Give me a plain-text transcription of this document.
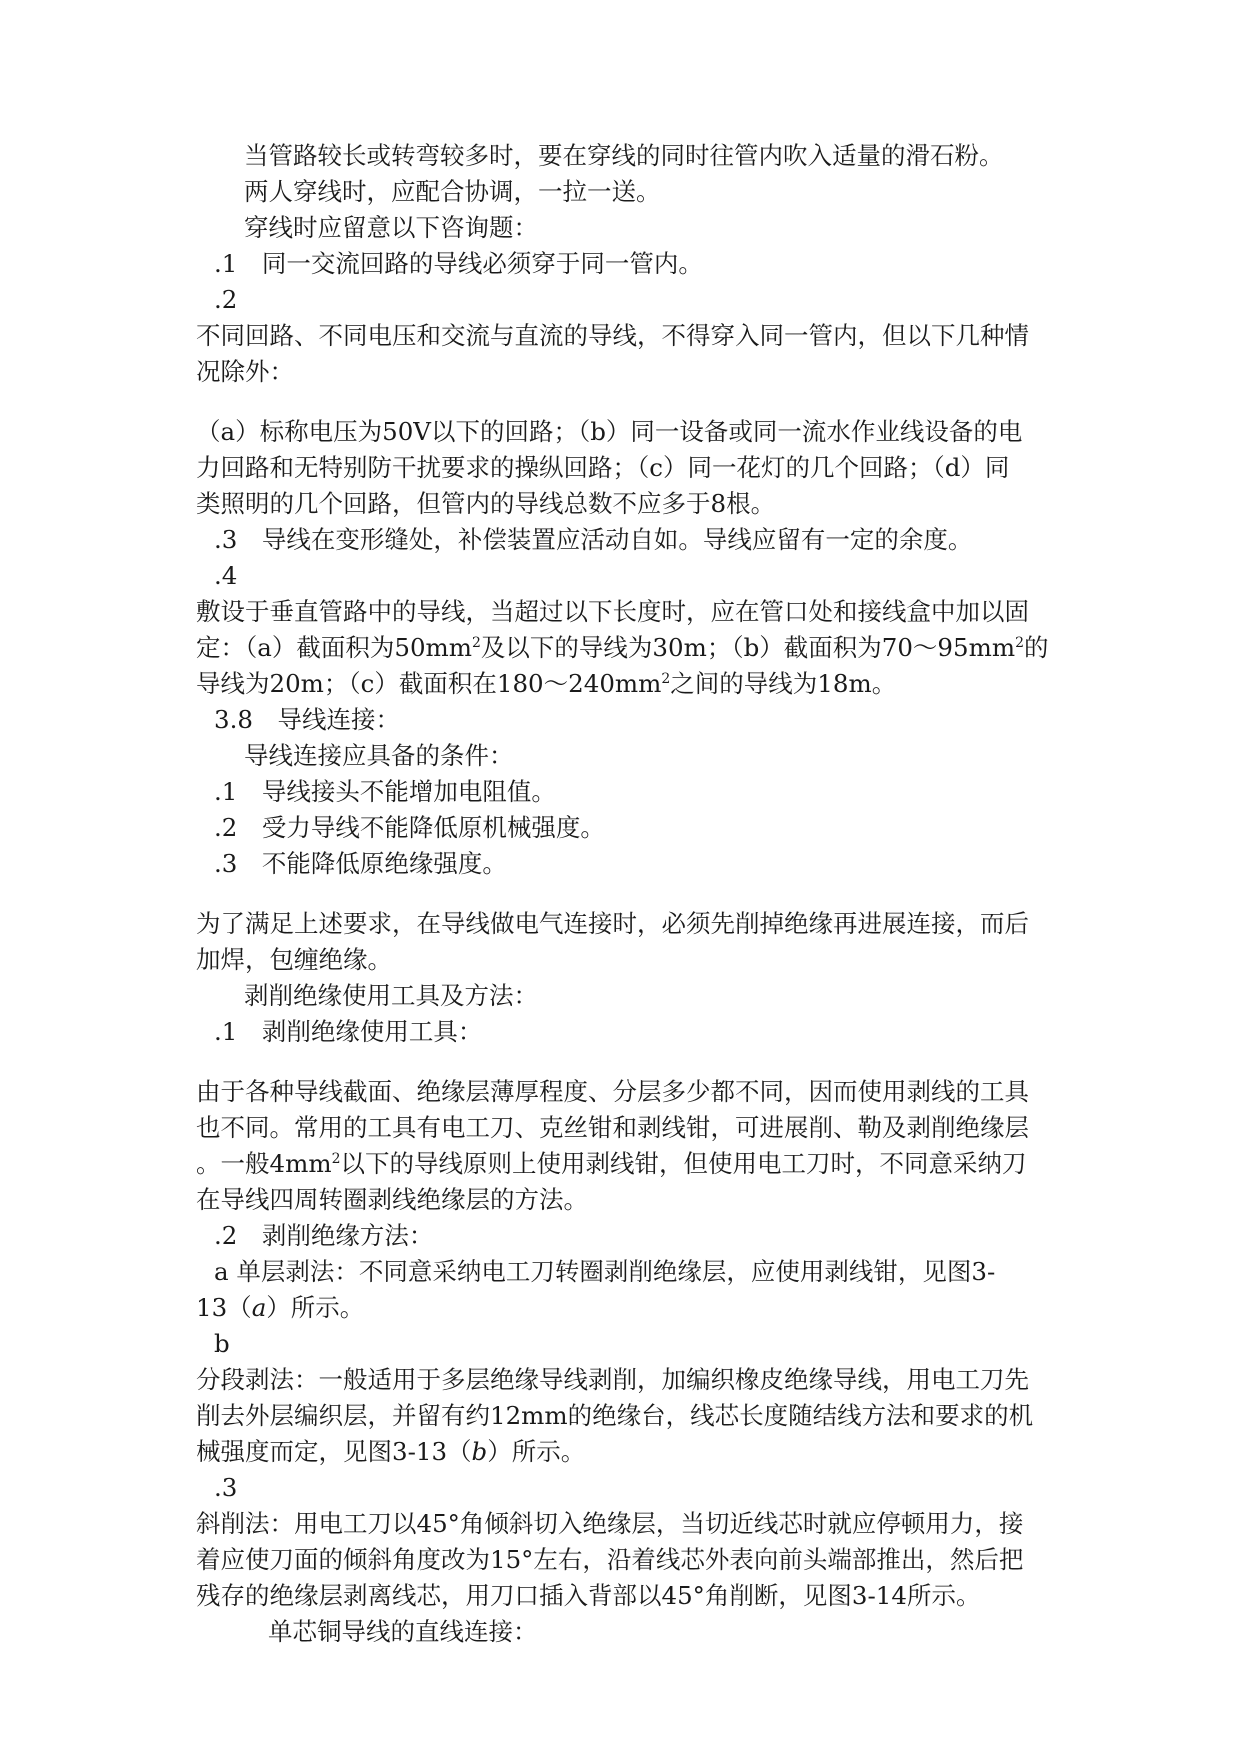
当管路较长或转弯较多时，要在穿线的同时往管内吹入适量的滑石粉。
两人穿线时，应配合协调，一拉一送。
穿线时应留意以下咨询题：
.1　同一交流回路的导线必须穿于同一管内。
.2
不同回路、不同电压和交流与直流的导线，不得穿入同一管内，但以下几种情
况除外：
（a）标称电压为50V以下的回路；（b）同一设备或同一流水作业线设备的电
力回路和无特别防干扰要求的操纵回路；（c）同一花灯的几个回路；（d）同
类照明的几个回路，但管内的导线总数不应多于8根。
.3　导线在变形缝处，补偿装置应活动自如。导线应留有一定的余度。
.4
敷设于垂直管路中的导线，当超过以下长度时，应在管口处和接线盒中加以固
定：（a）截面积为$50mm^2$及以下的导线为30m；（b）截面积为$70\sim 95mm^2$的
导线为20m；（c）截面积在$180\sim 240mm^2$之间的导线为18m。
3.8　导线连接：
导线连接应具备的条件：
.1　导线接头不能增加电阻值。
.2　受力导线不能降低原机械强度。
.3　不能降低原绝缘强度。
为了满足上述要求，在导线做电气连接时，必须先削掉绝缘再进展连接，而后
加焊，包缠绝缘。
剥削绝缘使用工具及方法：
.1　剥削绝缘使用工具：
由于各种导线截面、绝缘层薄厚程度、分层多少都不同，因而使用剥线的工具
也不同。常用的工具有电工刀、克丝钳和剥线钳，可进展削、勒及剥削绝缘层
。一般$4mm^2$以下的导线原则上使用剥线钳，但使用电工刀时，不同意采纳刀
在导线四周转圈剥线绝缘层的方法。
.2　剥削绝缘方法：
a 单层剥法：不同意采纳电工刀转圈剥削绝缘层，应使用剥线钳，见图3-
13（a）所示。
b
分段剥法：一般适用于多层绝缘导线剥削，加编织橡皮绝缘导线，用电工刀先
削去外层编织层，并留有约12mm的绝缘台，线芯长度随结线方法和要求的机
械强度而定，见图3-13（b）所示。
.3
斜削法：用电工刀以45°角倾斜切入绝缘层，当切近线芯时就应停顿用力，接
着应使刀面的倾斜角度改为15°左右，沿着线芯外表向前头端部推出，然后把
残存的绝缘层剥离线芯，用刀口插入背部以45°角削断，见图3-14所示。
单芯铜导线的直线连接：
